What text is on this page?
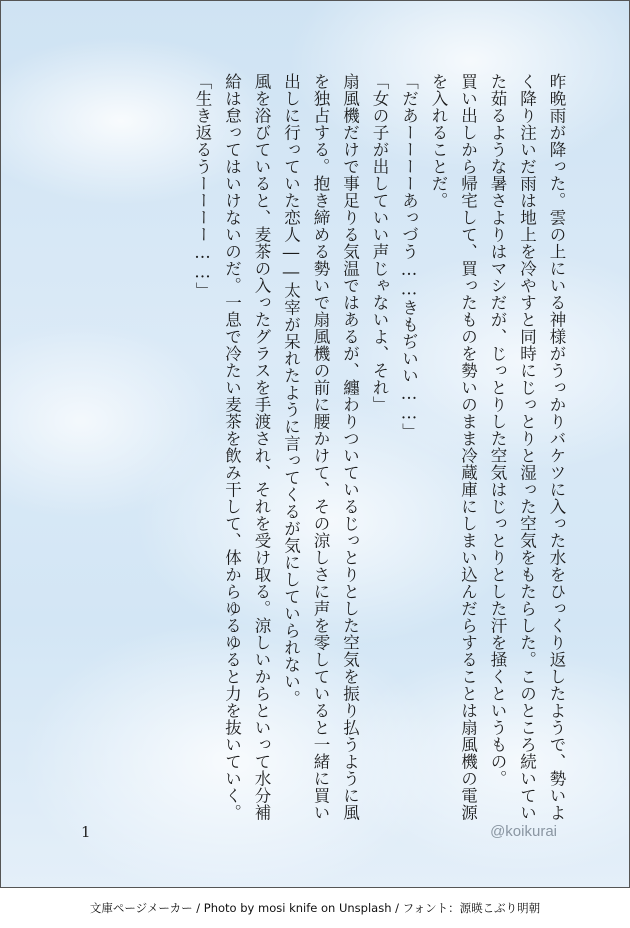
昨晩雨が降った。雲の上にいる神様がうっかりバケツに入った水をひっくり返したようで、勢いよく降り注いだ雨は地上を冷やすと同時にじっとりと湿った空気をもたらした。このところ続いていた茹るような暑さよりはマシだが、じっとりした空気はじっとりとした汗を掻くというもの。

買い出しから帰宅して、買ったものを勢いのまま冷蔵庫にしまい込んだらすることは扇風機の電源を入れることだ。

「だあーーーーあっづう……きもぢいい……」

「女の子が出していい声じゃないよ、それ」

扇風機だけで事足りる気温ではあるが、纏わりついているじっとりとした空気を振り払うように風を独占する。抱き締める勢いで扇風機の前に腰かけて、その涼しさに声を零していると一緒に買い出しに行っていた恋人――太宰が呆れたように言ってくるが気にしていられない。

風を浴びていると、麦茶の入ったグラスを手渡され、それを受け取る。涼しいからといって水分補給は怠ってはいけないのだ。一息で冷たい麦茶を飲み干して、体からゆるゆると力を抜いていく。

「生き返るうーーーー……」

1	@koikurai
文庫ページメーカー / Photo by mosi knife on Unsplash / フォント：源暎こぶり明朝
